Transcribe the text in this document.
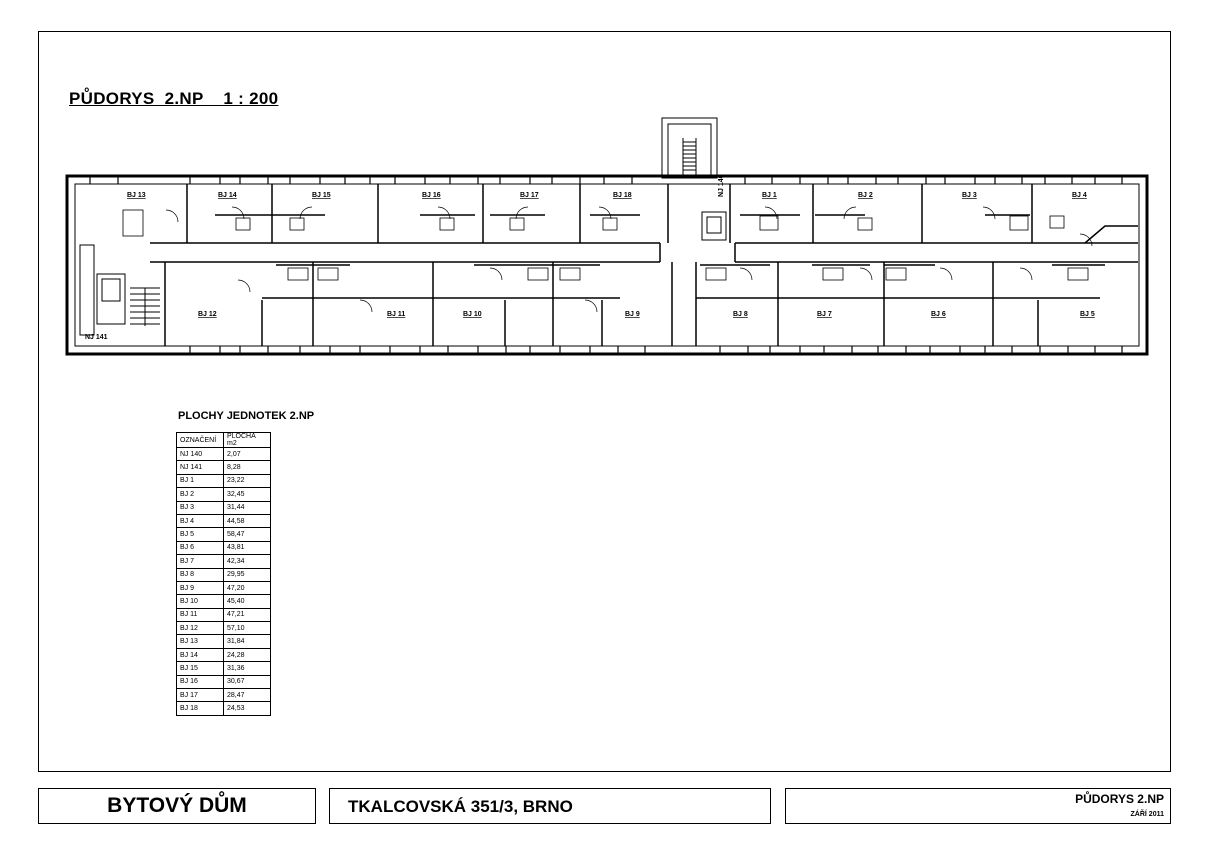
PŮDORYS  2.NP    1 : 200
BJ 13	BJ 14	BJ 15	BJ 16	BJ 17	BJ 18	BJ 1	BJ 2	BJ 3	BJ 4
BJ 12	BJ 11	BJ 10	BJ 9	BJ 8	BJ 7	BJ 6	BJ 5
NJ 140
NJ 141
PLOCHY JEDNOTEK 2.NP
OZNAČENÍ	PLOCHA m2
NJ 140	2,07
NJ 141	8,28
BJ 1	23,22
BJ 2	32,45
BJ 3	31,44
BJ 4	44,58
BJ 5	58,47
BJ 6	43,81
BJ 7	42,34
BJ 8	29,95
BJ 9	47,20
BJ 10	45,40
BJ 11	47,21
BJ 12	57,10
BJ 13	31,84
BJ 14	24,28
BJ 15	31,36
BJ 16	30,67
BJ 17	28,47
BJ 18	24,53
BYTOVÝ DŮM	TKALCOVSKÁ 351/3, BRNO	PŮDORYS 2.NP
ZÁŘÍ 2011
